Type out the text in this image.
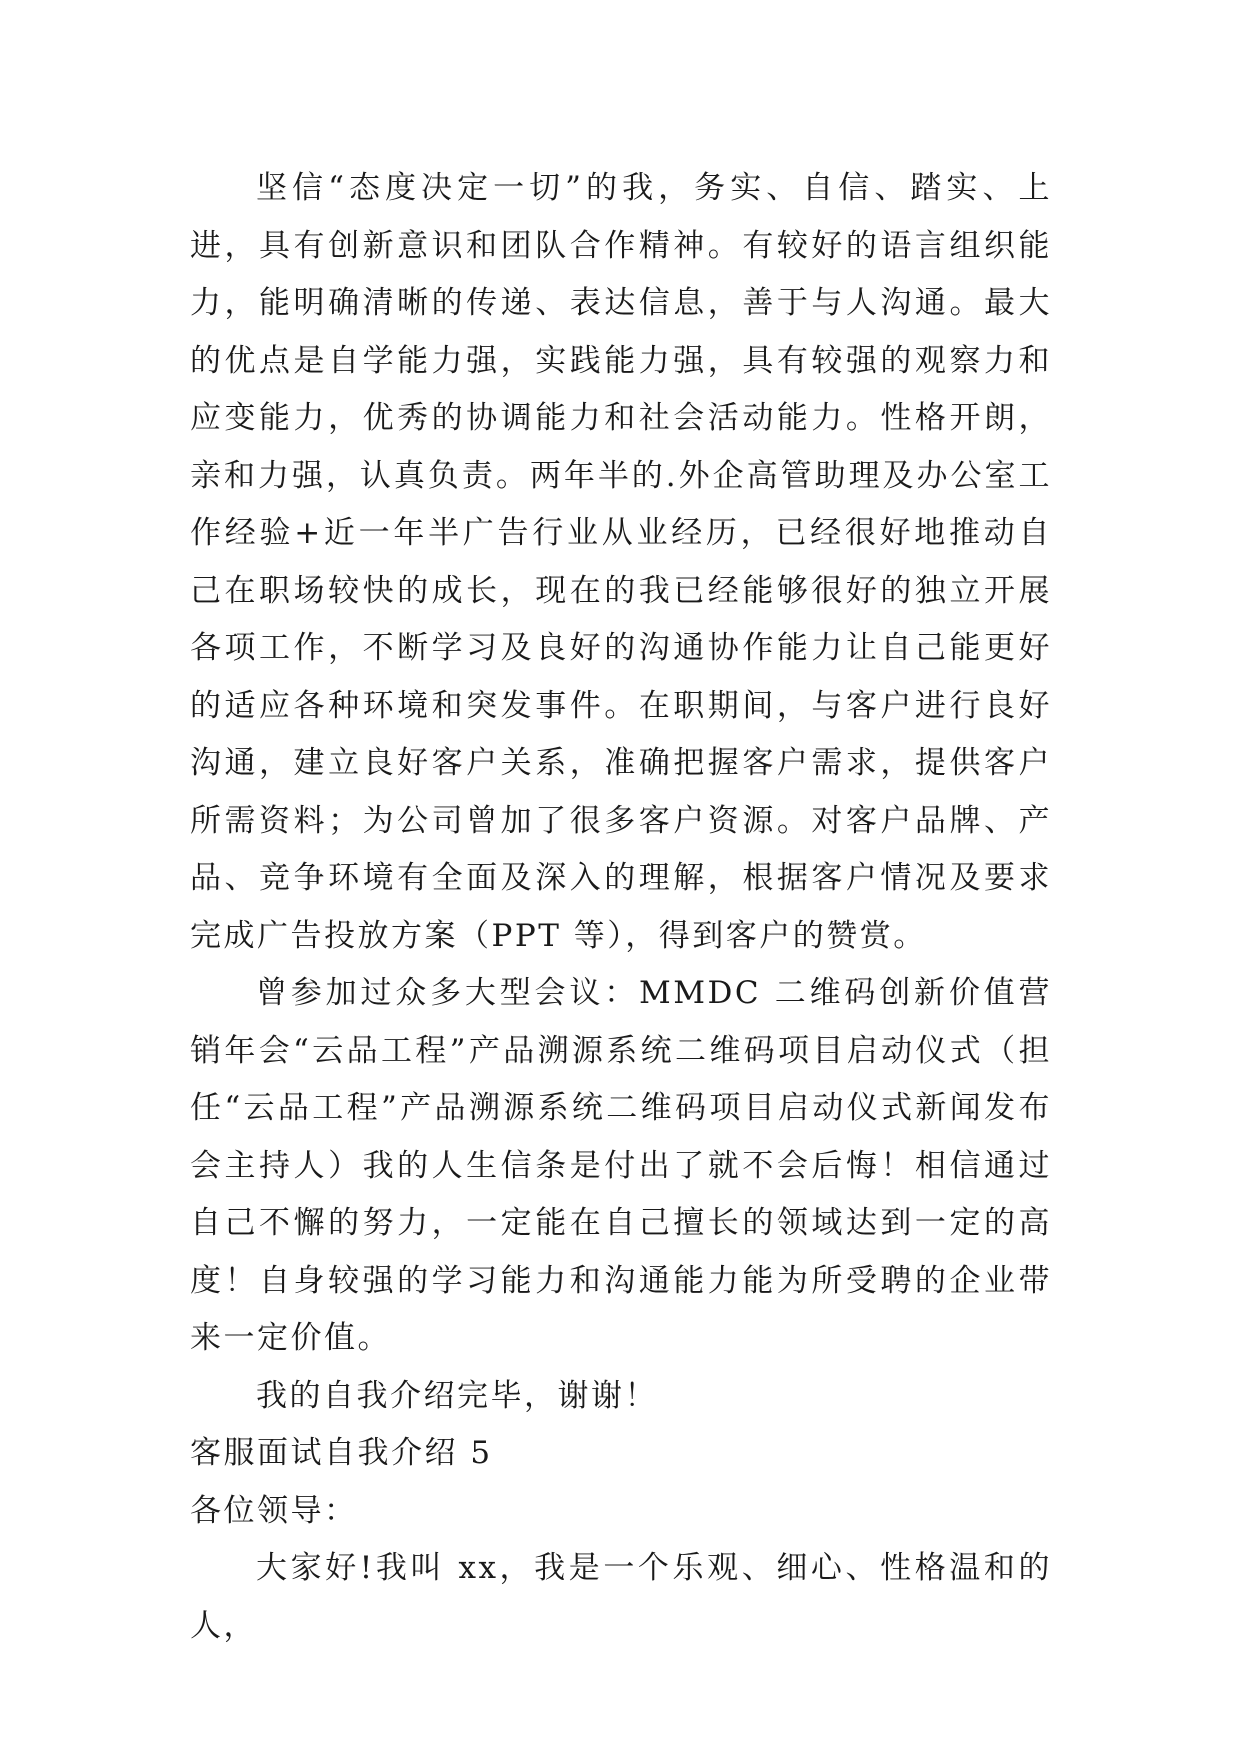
坚信“态度决定一切”的我，务实、自信、踏实、上进，具有创新意识和团队合作精神。有较好的语言组织能力，能明确清晰的传递、表达信息，善于与人沟通。最大的优点是自学能力强，实践能力强，具有较强的观察力和应变能力，优秀的协调能力和社会活动能力。性格开朗，亲和力强，认真负责。两年半的.外企高管助理及办公室工作经验+近一年半广告行业从业经历，已经很好地推动自己在职场较快的成长，现在的我已经能够很好的独立开展各项工作，不断学习及良好的沟通协作能力让自己能更好的适应各种环境和突发事件。在职期间，与客户进行良好沟通，建立良好客户关系，准确把握客户需求，提供客户所需资料；为公司曾加了很多客户资源。对客户品牌、产品、竞争环境有全面及深入的理解，根据客户情况及要求完成广告投放方案（PPT 等），得到客户的赞赏。

曾参加过众多大型会议：MMDC 二维码创新价值营销年会“云品工程”产品溯源系统二维码项目启动仪式（担任“云品工程”产品溯源系统二维码项目启动仪式新闻发布会主持人）我的人生信条是付出了就不会后悔！相信通过自己不懈的努力，一定能在自己擅长的领域达到一定的高度！自身较强的学习能力和沟通能力能为所受聘的企业带来一定价值。

我的自我介绍完毕，谢谢！

客服面试自我介绍 5

各位领导：

大家好!我叫 xx，我是一个乐观、细心、性格温和的人，
